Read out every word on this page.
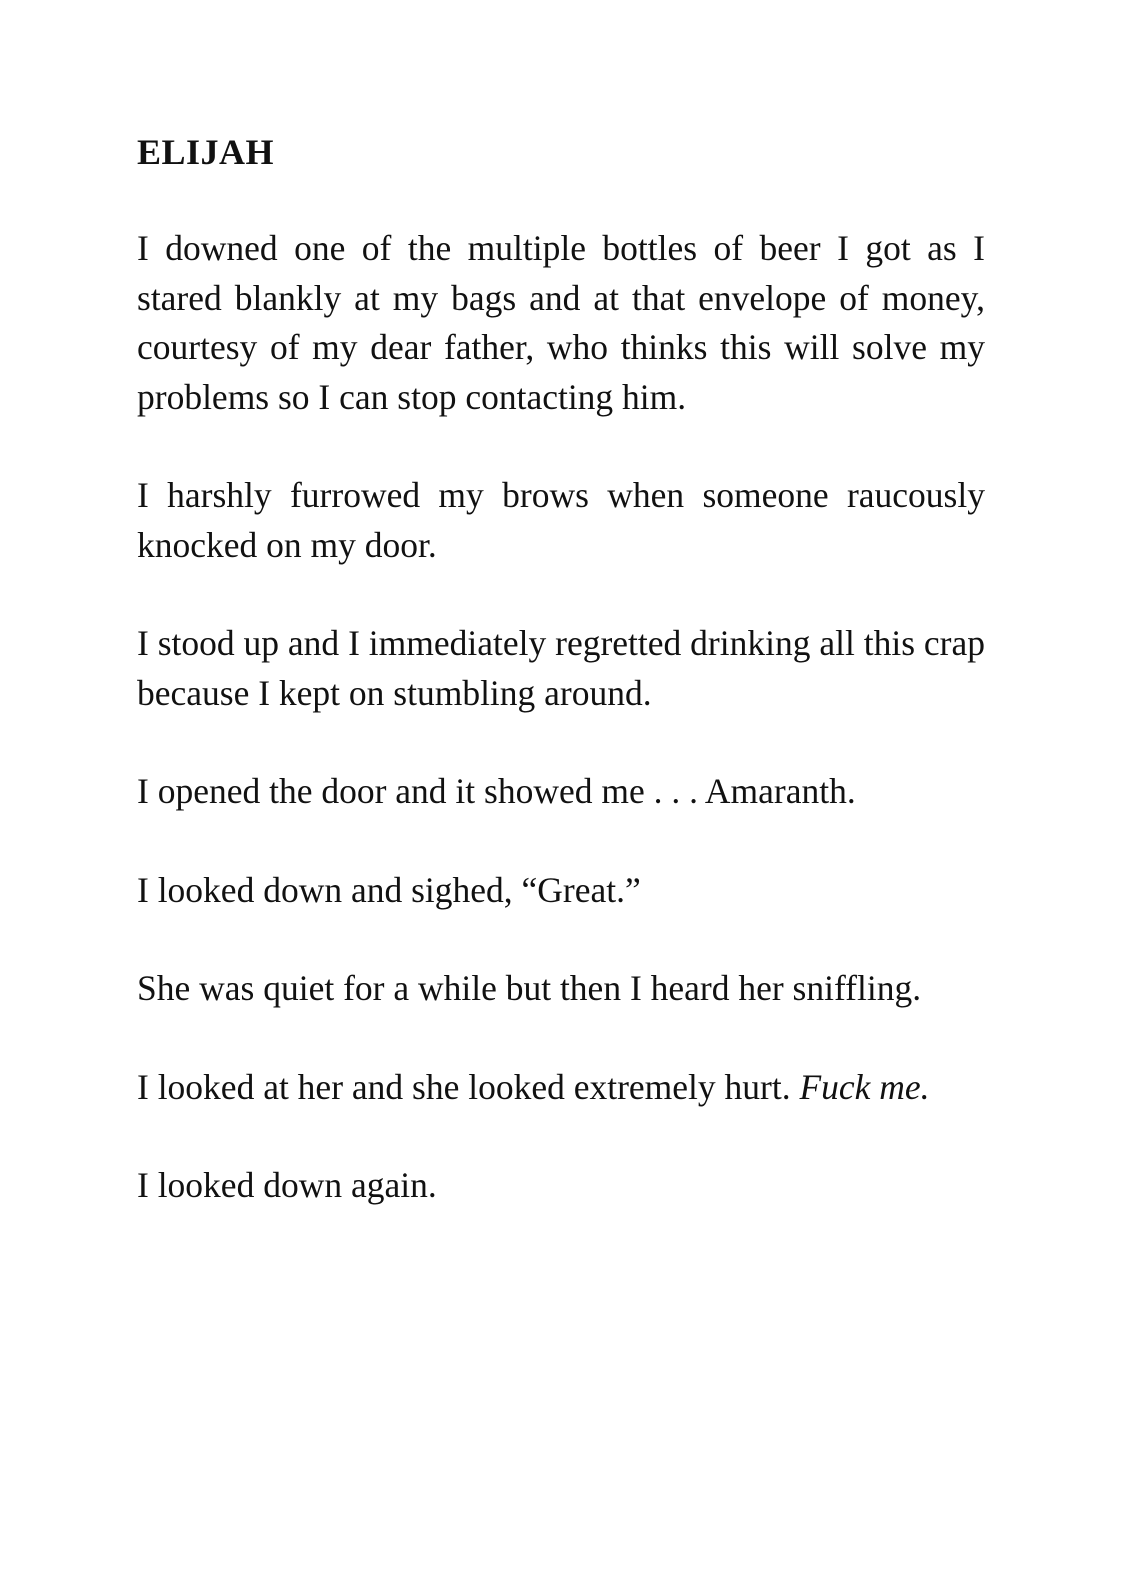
ELIJAH

I downed one of the multiple bottles of beer I got as I stared blankly at my bags and at that envelope of money, courtesy of my dear father, who thinks this will solve my problems so I can stop contacting him.

I harshly furrowed my brows when someone raucously knocked on my door.

I stood up and I immediately regretted drinking all this crap because I kept on stumbling around.

I opened the door and it showed me . . . Amaranth.

I looked down and sighed, “Great.”

She was quiet for a while but then I heard her sniffling.

I looked at her and she looked extremely hurt. Fuck me.

I looked down again.
